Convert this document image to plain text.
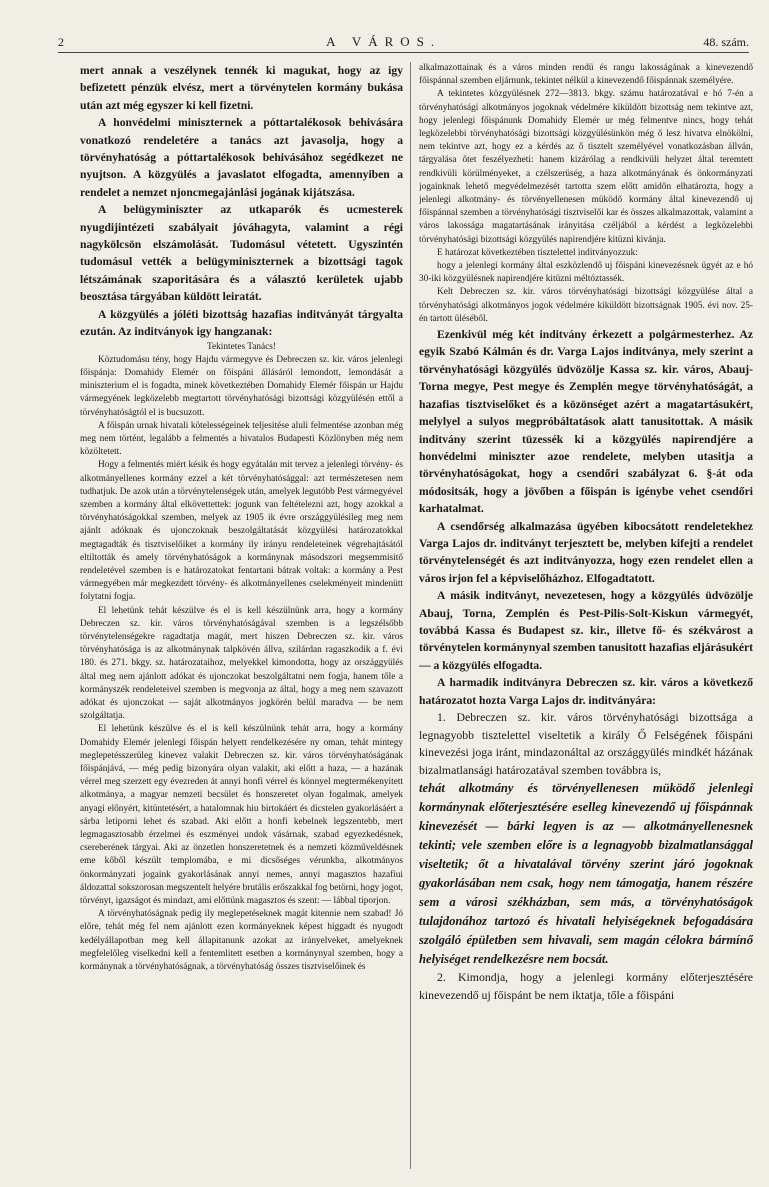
2	A VÁROS.	48. szám.

mert annak a veszélynek tennék ki magukat, hogy az igy befizetett pénzük elvész, mert a törvénytelen kormány bukása után azt még egyszer ki kell fizetni.

A honvédelmi miniszternek a póttartalékosok behivására vonatkozó rendeletére a tanács azt javasolja, hogy a törvényhatóság a póttartalékosok behivásához segédkezet ne nyujtson. A közgyülés a javaslatot elfogadta, amennyiben a rendelet a nemzet njoncmegajánlási jogának kijátszása.

A belügyminiszter az utkaparók és ucmesterek nyugdijintézeti szabályait jóváhagyta, valamint a régi nagykölcsön elszámolását. Tudomásul vétetett. Ugyszintén tudomásul vették a belügyminiszternek a bizottsági tagok létszámának szaporitására és a választó kerületek ujabb beosztása tárgyában küldött leiratát.

A közgyülés a jóléti bizottság hazafias inditványát tárgyalta ezután. Az inditványok igy hangzanak:

Tekintetes Tanács!

Köztudomásu tény, hogy Hajdu vármegyve és Debreczen sz. kir. város jelenlegi főispánja: Domahidy Elemér on főispáni állásáról lemondott, lemondását a miniszterium el is fogadta, minek következtében Domahidy Elemér főispán ur Hajdu vármegyének legközelebb megtartott törvényhatósági bizottsági közgyülésén ettől a törvényhatóságtól el is bucsuzott.

A főispán urnak hivatali kötelességeinek teljesitése aluli felmentése azonban még meg nem történt, legalább a felmentés a hivatalos Budapesti Közlönyben még nem közöltetett.

Hogy a felmentés miért késik és hogy egyátalán mit tervez a jelenlegi törvény- és alkotmányellenes kormány ezzel a két törvényhatósággal: azt természetesen nem tudhatjuk. De azok után a törvénytelenségek után, amelyek legutóbb Pest vármegyével szemben a kormány által elkövettettek: jogunk van feltételezni azt, hogy azokkal a törvényhatóságokkal szemben, melyek az 1905 ik évre országgyülésileg meg nem ajánlt adóknak és ujonczoknak beszolgáltatását közgyülési határozatokkal megtagadták és tisztviselőiket a kormány ily irányu rendeleteinek végrehajtásától eltiltották és amely törvényhatóságok a kormánynak másodszori megsemmisitő rendeletével szemben is e határozatokat fentartani bátrak voltak: a kormány a Pest vármegyében már megkezdett törvény- és alkotmányellenes cselekményeit mindenütt folytatni fogja.

El lehetünk tehát készülve és el is kell készülnünk arra, hogy a kormány Debreczen sz. kir. város törvényhatóságával szemben is a legszélsőbb törvénytelenségekre ragadtatja magát, mert hiszen Debreczen sz. kir. város törvényhatósága is az alkotmánynak talpkövén állva, szilárdan ragaszkodik a f. évi 180. és 271. bkgy. sz. határozataihoz, melyekkel kimondotta, hogy az országgyülés által meg nem ajánlott adókat és ujonczokat beszolgáltatni nem fogja, hanem tőle a kormányszék rendeleteivel szemben is megvonja az által, hogy a meg nem szavazott adókat és ujonczokat — saját alkotmányos jogkörén belül maradva — be nem szolgáltatja.

El lehetünk készülve és el is kell készülnünk tehát arra, hogy a kormány Domahidy Elemér jelenlegi főispán helyett rendelkezésére ny oman, tehát mintegy meglepetésszerüleg kinevez valakit Debreczen sz. kir. város törvényhatóságának főispánjává, — még pedig bizonyára olyan valakit, aki előtt a haza, — a hazának vérrel meg szerzett egy évezreden át annyi honfi vérrel és könnyel megtermékenyitett alkotmánya, a magyar nemzeti becsület és honszeretet olyan fogalmak, amelyek anyagi előnyért, kitüntetésért, a hatalomnak hiu birtokáért és dicstelen gyakorlásáért a sárba letiporni lehet és szabad. Aki előtt a honfi kebelnek legszentebb, mert legmagasztosabb érzelmei és eszményei undok vásárnak, szabad egyezkedésnek, csereberének tárgyai. Aki az önzetlen honszeretetnek és a nemzeti közműveldésnek eme kőből készült templomába, e mi dicsőséges vérunkba, alkotmányos önkormányzati jogaink gyakorlásának annyi nemes, annyi magasztos hazafiui áldozattal sokszorosan megszentelt helyére brutális erőszakkal fog betörni, hogy jogot, törvényt, igazságot és mindazt, ami előttünk magasztos és szent: — lábbal tiporjon.

A törvényhatóságnak pedig ily meglepetéseknek magát kitennie nem szabad! Jó előre, tehát még fel nem ajánlott ezen kormányeknek képest higgadt és nyugodt kedélyállapotban meg kell állapitanunk azokat az irányelveket, amelyeknek megfelelőleg viselkedni kell a fentemlitett esetben a kormánynyal szemben, hogy a kormánynak a törvényhatóságnak, a törvényhatóság összes tisztviselőinek és

alkalmazottainak és a város minden rendü és rangu lakosságának a kinevezendő főispánnal szemben eljárnunk, tekintet nélkül a kinevezendő főispánnak személyére.

A tekintetes közgyülésnek 272—3813. bkgy. számu határozatával e hó 7-én a törvényhatósági alkotmányos jogoknak védelmére kiküldött bizottság nem tekintve azt, hogy jelenlegi főispánunk Domahidy Elemér ur még felmentve nincs, hogy tehát legközelebbi törvényhatósági bizottsági közgyülésünkön még ő lesz hivatva elnökölni, nem tekintve azt, hogy ez a kérdés az ő tisztelt személyével vonatkozásban állván, tárgyalása őtet feszélyezheti: hanem kizárólag a rendkivüli helyzet által teremtett rendkivüli körülményeket, a czélszerüség, a haza alkotmányának és önkormányzati jogainknak lehető megvédelmezését tartotta szem előtt amidőn elhatározta, hogy a jelenlegi alkotmány- és törvényellenesen müködő kormány által kinevezendő uj főispánnal szemben a törvényhatósági tisztviselői kar és összes alkalmazottak, valamint a város lakossága magatartásának irányitása czéljából a kérdést a legközelebbi törvényhatósági bizottsági közgyülés napirendjére kitüzni kivánja.

E határozat következtében tisztelettel inditványozzuk:

hogy a jelenlegi kormány által eszközlendő uj főispáni kinevezésnek ügyét az e hó 30-iki közgyülésnek napirendjére kitüzni méltóztassék.

Kelt Debreczen sz. kir. város törvényhatósági bizottsági közgyülése által a törvényhatósági alkotmányos jogok védelmére kiküldött bizottságnak 1905. évi nov. 25-én tartott üléséből.

Ezenkivül még két inditvány érkezett a polgármesterhez. Az egyik Szabó Kálmán és dr. Varga Lajos inditványa, mely szerint a törvényhatósági közgyülés üdvözölje Kassa sz. kir. város, Abauj-Torna megye, Pest megye és Zemplén megye törvényhatóságát, a hazafias tisztviselőket és a közönséget azért a magatartásukért, melylyel a sulyos megpróbáltatások alatt tanusitottak. A másik inditvány szerint tüzessék ki a közgyülés napirendjére a honvédelmi miniszter azoe rendelete, melyben utasitja a törvényhatóságokat, hogy a csendőri szabályzat 6. §-át oda módositsák, hogy a jövőben a főispán is igénybe vehet csendőri karhatalmat.

A csendőrség alkalmazása ügyében kibocsátott rendeletekhez Varga Lajos dr. inditványt terjesztett be, melyben kifejti a rendelet törvénytelenségét és azt inditványozza, hogy ezen rendelet ellen a város irjon fel a képviselőházhoz. Elfogadtatott.

A másik inditványt, nevezetesen, hogy a közgyülés üdvözölje Abauj, Torna, Zemplén és Pest-Pilis-Solt-Kiskun vármegyét, továbbá Kassa és Budapest sz. kir., illetve fő- és székvárost a törvénytelen kormánynyal szemben tanusitott hazafias eljárásukért — a közgyülés elfogadta.

A harmadik inditványra Debreczen sz. kir. város a következő határozatot hozta Varga Lajos dr. inditványára:

1. Debreczen sz. kir. város törvényhatósági bizottsága a legnagyobb tisztelettel viseltetik a király Ő Felségének főispáni kinevezési joga iránt, mindazonáltal az országgyülés mindkét házának bizalmatlansági határozatával szemben továbbra is,

tehát alkotmány és törvényellenesen müködő jelenlegi kormánynak előterjesztésére eselleg kinevezendő uj főispánnak kinevezését — bárki legyen is az — alkotmányellenesnek tekinti; vele szemben előre is a legnagyobb bizalmatlansággal viseltetik; őt a hivatalával törvény szerint járó jogoknak gyakorlásában nem csak, hogy nem támogatja, hanem részére sem a városi székházban, sem más, a törvényhatóságok tulajdonához tartozó és hivatali helyiségeknek befogadására szolgáló épületben sem hivavali, sem magán célokra bármínő helyiséget rendelkezésre nem bocsát.

2. Kimondja, hogy a jelenlegi kormány előterjesztésére kinevezendő uj főispánt be nem iktatja, tőle a főispáni
